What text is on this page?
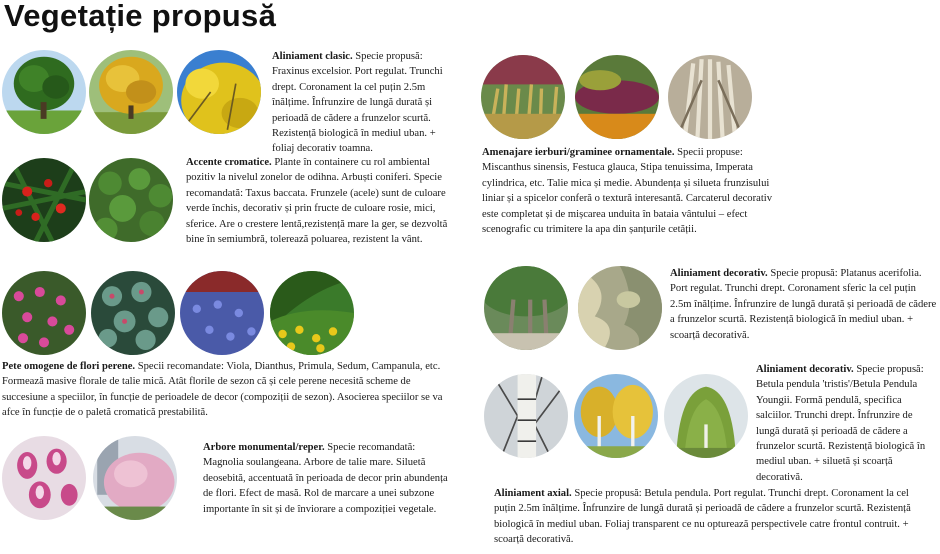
Vegetație propusă
Aliniament clasic. Specie propusă: Fraxinus excelsior. Port regulat. Trunchi drept. Coronament la cel puțin 2.5m înălțime. Înfrunzire de lungă durată și perioadă de cădere a frunzelor scurtă. Rezistență biologică în mediul uban. + foliaj decorativ toamna.
Accente cromatice. Plante în containere cu rol ambiental pozitiv la nivelul zonelor de odihna. Arbuști coniferi. Specie recomandată: Taxus baccata. Frunzele (acele) sunt de culoare verde închis, decorativ și prin fructe de culoare rosie, mici, sferice. Are o crestere lentă,rezistență mare la ger, se dezvoltă bine în semiumbră, tolerează poluarea, rezistent la vânt.
Amenajare ierburi/graminee ornamentale. Specii propuse: Miscanthus sinensis, Festuca glauca, Stipa tenuissima, Imperata cylindrica, etc. Talie mica și medie. Abundența și silueta frunzisului liniar și a spicelor conferă o textură interesantă. Carcaterul decorativ este completat și de mișcarea unduita în bataia vântului – efect scenografic cu trimitere la apa din șanțurile cetății.
Pete omogene de flori perene. Specii recomandate: Viola, Dianthus, Primula, Sedum, Campanula, etc. Formează masive florale de talie mică. Atât florile de sezon că și cele perene necesită scheme de succesiune a speciilor, în funcție de perioadele de decor (compoziții de sezon). Asocierea speciilor se va afce în funcție de o paletă cromatică prestabilită.
Arbore monumental/reper. Specie recomandată: Magnolia soulangeana. Arbore de talie mare. Siluetă deosebită, accentuată în perioada de decor prin abundența de flori. Efect de masă. Rol de marcare a unei subzone importante în sit și de înviorare a compoziției vegetale.
Aliniament decorativ. Specie propusă: Platanus acerifolia. Port regulat. Trunchi drept. Coronament sferic la cel puțin 2.5m înălțime. Înfrunzire de lungă durată și perioadă de cădere a frunzelor scurtă. Rezistență biologică în mediul uban. + scoarță decorativă.
Aliniament decorativ. Specie propusă: Betula pendula 'tristis'/Betula Pendula Youngii. Formă pendulă, specifica salciilor. Trunchi drept. Înfrunzire de lungă durată și perioadă de cădere a frunzelor scurtă. Rezistență biologică în mediul uban. + siluetă și scoarță decorativă.
Aliniament axial. Specie propusă: Betula pendula. Port regulat. Trunchi drept. Coronament la cel puțin 2.5m înălțime. Înfrunzire de lungă durată și perioadă de cădere a frunzelor scurtă. Rezistență biologică în mediul uban. Foliaj transparent ce nu opturează perspectivele catre frontul contruit. + scoarță decorativă.
